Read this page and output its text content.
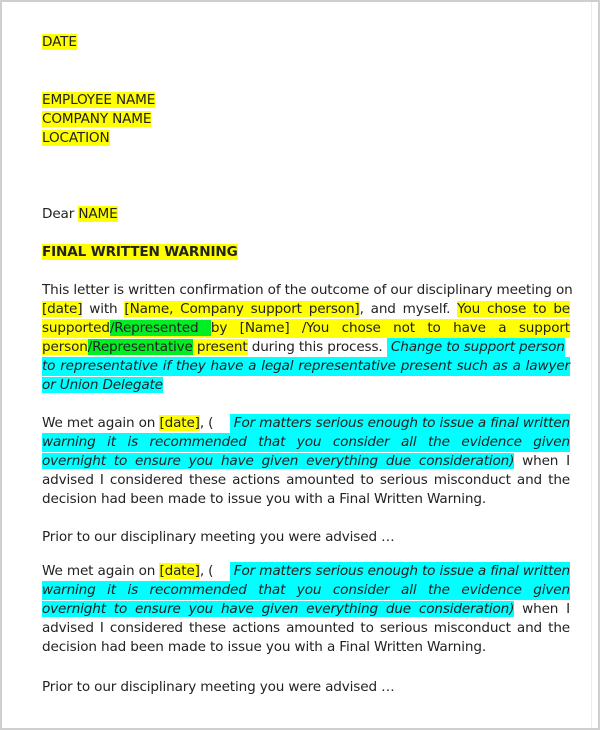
DATE
EMPLOYEE NAME
COMPANY NAME
LOCATION
Dear NAME
FINAL WRITTEN WARNING
This letter is written confirmation of the outcome of our disciplinary meeting on
[date] with [Name, Company support person], and myself. You chose to be
supported/Represented by [Name] /You chose not to have a support
person/Representative present during this process. Change to support person
to representative if they have a legal representative present such as a lawyer
or Union Delegate
We met again on [date], ( For matters serious enough to issue a final written
warning it is recommended that you consider all the evidence given
overnight to ensure you have given everything due consideration) when I
advised I considered these actions amounted to serious misconduct and the
decision had been made to issue you with a Final Written Warning.
Prior to our disciplinary meeting you were advised …
We met again on [date], ( For matters serious enough to issue a final written
warning it is recommended that you consider all the evidence given
overnight to ensure you have given everything due consideration) when I
advised I considered these actions amounted to serious misconduct and the
decision had been made to issue you with a Final Written Warning.
Prior to our disciplinary meeting you were advised …
